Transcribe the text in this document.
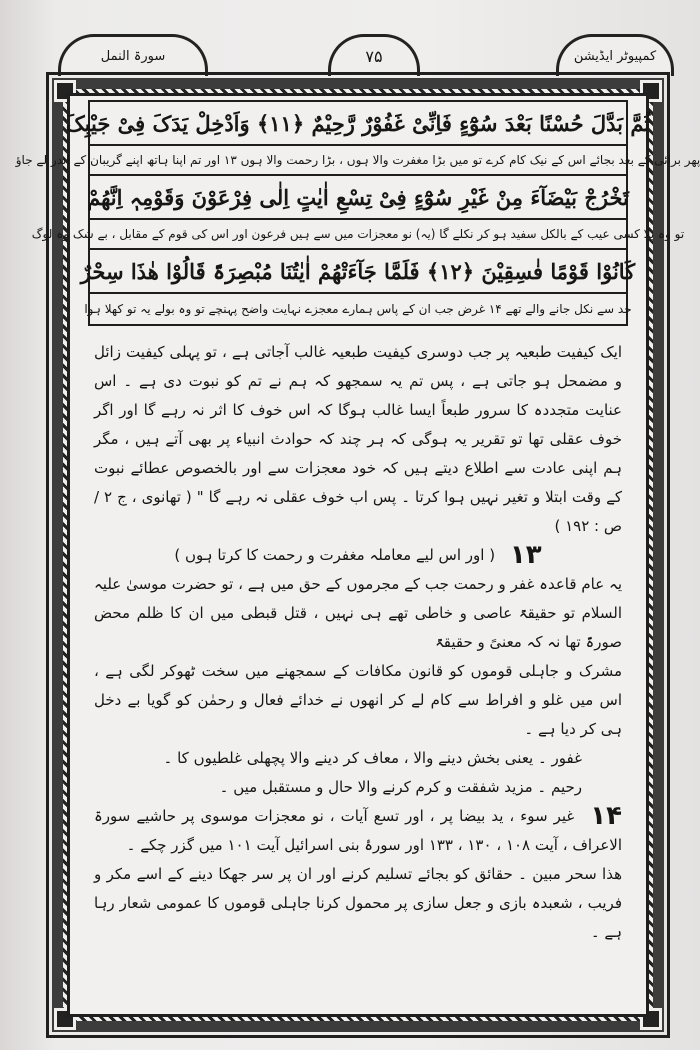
سورۃ النمل	۷۵	کمپیوٹر ایڈیشن
ثُمَّ بَدَّلَ حُسْنًا بَعْدَ سُوْٓءٍ فَاِنِّیْ غَفُوْرٌ رَّحِیْمٌ ﴿۱۱﴾ وَاَدْخِلْ یَدَکَ فِیْ جَیْبِکَ
پھر برائی کے بعد بجائے اس کے نیک کام کرے تو میں بڑا مغفرت والا ہوں ، بڑا رحمت والا ہوں ۱۳ اور تم اپنا ہاتھ اپنے گریبان کے اندر لے جاؤ
تَخْرُجْ بَیْضَآءَ مِنْ غَیْرِ سُوْٓءٍ فِیْ تِسْعِ اٰیٰتٍ اِلٰی فِرْعَوْنَ وَقَوْمِہٖ اِنَّھُمْ
تو وہ بلا کسی عیب کے بالکل سفید ہو کر نکلے گا (یہ) نو معجزات میں سے ہیں فرعون اور اس کی قوم کے مقابل ، بے شک وہ لوگ
کَانُوْا قَوْمًا فٰسِقِیْنَ ﴿۱۲﴾ فَلَمَّا جَآءَتْھُمْ اٰیٰتُنَا مُبْصِرَۃً قَالُوْا ھٰذَا سِحْرٌ
حد سے نکل جانے والے تھے ۱۴ غرض جب ان کے پاس ہمارے معجزے نہایت واضح پہنچے تو وہ بولے یہ تو کھلا ہوا

ایک کیفیت طبعیہ پر جب دوسری کیفیت طبعیہ غالب آجاتی ہے ، تو پہلی کیفیت زائل و مضمحل ہو جاتی ہے ، پس تم یہ سمجھو کہ ہم نے تم کو نبوت دی ہے ۔ اس عنایت متجددہ کا سرور طبعاً ایسا غالب ہوگا کہ اس خوف کا اثر نہ رہے گا اور اگر خوف عقلی تھا تو تقریر یہ ہوگی کہ ہر چند کہ حوادث انبیاء پر بھی آتے ہیں ، مگر ہم اپنی عادت سے اطلاع دیتے ہیں کہ خود معجزات سے اور بالخصوص عطائے نبوت کے وقت ابتلا و تغیر نہیں ہوا کرتا ۔ پس اب خوف عقلی نہ رہے گا " ( تھانوی ، ج ۲ / ص : ۱۹۲ )

۱۳ ( اور اس لیے معاملہ مغفرت و رحمت کا کرتا ہوں )

یہ عام قاعدہ غفر و رحمت جب کے مجرموں کے حق میں ہے ، تو حضرت موسیٰ علیہ السلام تو حقیقۃً عاصی و خاطی تھے ہی نہیں ، قتل قبطی میں ان کا ظلم محض صورۃً تھا نہ کہ معنیً و حقیقۃً

مشرک و جاہلی قوموں کو قانون مکافات کے سمجھنے میں سخت ٹھوکر لگی ہے ، اس میں غلو و افراط سے کام لے کر انھوں نے خدائے فعال و رحمٰن کو گویا بے دخل ہی کر دیا ہے ۔

غفور ۔ یعنی بخش دینے والا ، معاف کر دینے والا پچھلی غلطیوں کا ۔

رحیم ۔ مزید شفقت و کرم کرنے والا حال و مستقبل میں ۔

۱۴ غیر سوء ، ید بیضا پر ، اور تسع آیات ، نو معجزات موسوی پر حاشیے سورۃ الاعراف ، آیت ۱۰۸ ، ۱۳۰ ، ۱۳۳ اور سورۂ بنی اسرائیل آیت ۱۰۱ میں گزر چکے ۔

ھذا سحر مبین ۔ حقائق کو بجائے تسلیم کرنے اور ان پر سر جھکا دینے کے اسے مکر و فریب ، شعبدہ بازی و جعل سازی پر محمول کرنا جاہلی قوموں کا عمومی شعار رہا ہے ۔
